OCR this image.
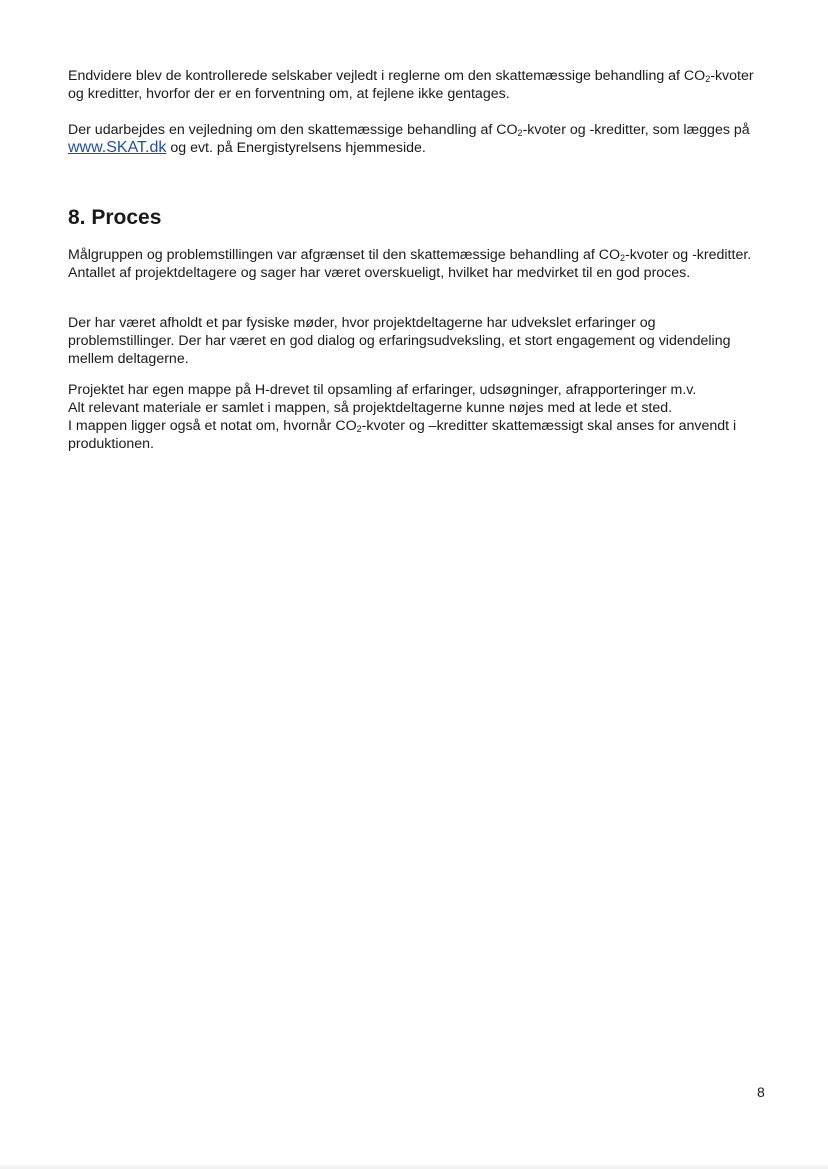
Endvidere blev de kontrollerede selskaber vejledt i reglerne om den skattemæssige behandling af $CO_2$-kvoter og kreditter, hvorfor der er en forventning om, at fejlene ikke gentages.

Der udarbejdes en vejledning om den skattemæssige behandling af $CO_2$-kvoter og -kreditter, som lægges på www.SKAT.dk og evt. på Energistyrelsens hjemmeside.

8. Proces

Målgruppen og problemstillingen var afgrænset til den skattemæssige behandling af $CO_2$-kvoter og -kreditter. Antallet af projektdeltagere og sager har været overskueligt, hvilket har medvirket til en god proces.

Der har været afholdt et par fysiske møder, hvor projektdeltagerne har udvekslet erfaringer og problemstillinger. Der har været en god dialog og erfaringsudveksling, et stort engagement og videndeling mellem deltagerne.

Projektet har egen mappe på H-drevet til opsamling af erfaringer, udsøgninger, afrapporteringer m.v.

Alt relevant materiale er samlet i mappen, så projektdeltagerne kunne nøjes med at lede et sted.

I mappen ligger også et notat om, hvornår $CO_2$-kvoter og –kreditter skattemæssigt skal anses for anvendt i produktionen.

8
